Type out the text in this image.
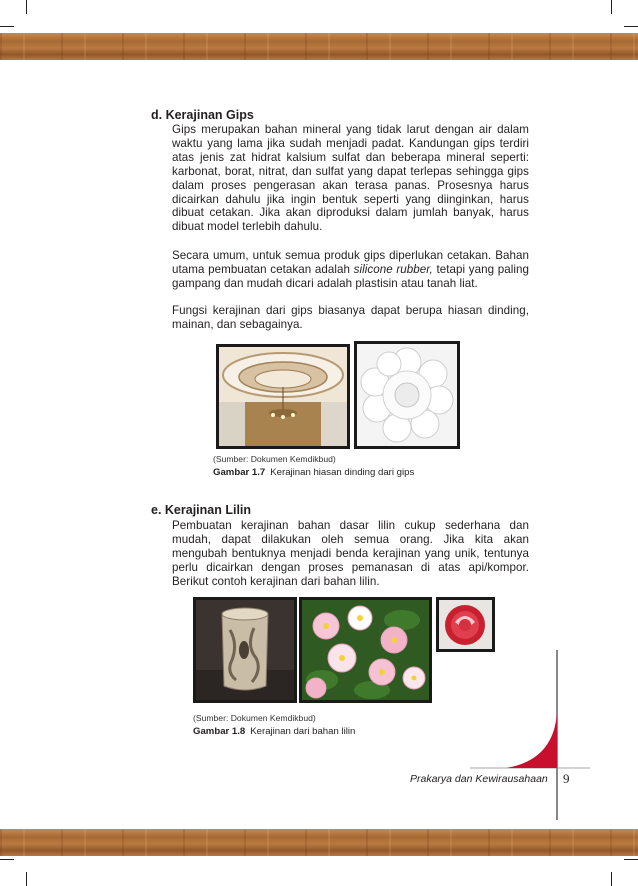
d. Kerajinan Gips

Gips merupakan bahan mineral yang tidak larut dengan air dalam waktu yang lama jika sudah menjadi padat. Kandungan gips terdiri atas jenis zat hidrat kalsium sulfat dan beberapa mineral seperti: karbonat, borat, nitrat, dan sulfat yang dapat terlepas sehingga gips dalam proses pengerasan akan terasa panas. Prosesnya harus dicairkan dahulu jika ingin bentuk seperti yang diinginkan, harus dibuat cetakan. Jika akan diproduksi dalam jumlah banyak, harus dibuat model terlebih dahulu.

Secara umum, untuk semua produk gips diperlukan cetakan. Bahan utama pembuatan cetakan adalah silicone rubber, tetapi yang paling gampang dan mudah dicari adalah plastisin atau tanah liat.

Fungsi kerajinan dari gips biasanya dapat berupa hiasan dinding, mainan, dan sebagainya.

(Sumber: Dokumen Kemdikbud)
Gambar 1.7 Kerajinan hiasan dinding dari gips
e. Kerajinan Lilin

Pembuatan kerajinan bahan dasar lilin cukup sederhana dan mudah, dapat dilakukan oleh semua orang. Jika kita akan mengubah bentuknya menjadi benda kerajinan yang unik, tentunya perlu dicairkan dengan proses pemanasan di atas api/kompor. Berikut contoh kerajinan dari bahan lilin.

(Sumber: Dokumen Kemdikbud)
Gambar 1.8 Kerajinan dari bahan lilin
Prakarya dan Kewirausahaan 9
